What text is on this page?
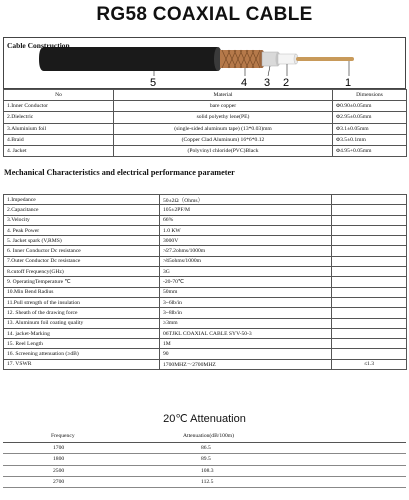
RG58 COAXIAL CABLE
5	4 3 2	1
Cable Construction
No	Material	Dimensions
1.Inner Conductor	bare copper	Φ0.90±0.05mm
2.Dielectric	solid polyethy lene(PE)	Φ2.95±0.05mm
3.Aluminium foil	(single-sided aluminum tape) (13*0.03)mm	Φ3.1±0.05mm
4.Braid	(Copper Clad Aluminum) 16*6*0.12	Φ3.5±0.1mm
4. Jacket	(Polyvinyl chloride(PVC)Black	Φ4.95+0.05mm
Mechanical Characteristics and electrical performance parameter
1.Impedance	50±2Ω（Ohms）	
2.Capacitance	105±2PF/M	
3.Velocity	66%	
4. Peak Power	1.0 KW	
5. Jacket spark (V,RMS)	3000V	
6. Inner Conductor Dc resistance	≯27.2ohms/1000m	
7.Outer Conductor Dc resistance	≯45ohms/1000m	
8.cutoff Frequency(GHz)	3G	
9. OperatingTemperature ℃	-20-70℃	
10.Min Bend Radius	50mm	
11.Pull strength of the insulation	3~6lb/in	
12. Sheath of the drawing force	3~8lb/in	
13. Aluminum foil coating quality	≥3mm	
14. jacket-Marking	06TJKL COAXIAL CABLE SYV-50-3	
15. Reel Length	1M	
16. Screening attenuation (≥dB)	90	
17. VSWR	1700MHZ～2700MHZ	≤1.3
20℃ Attenuation
Frequency	Attenuation(dB/100m)
1700	86.5
1800	89.5
2500	108.3
2700	112.5
